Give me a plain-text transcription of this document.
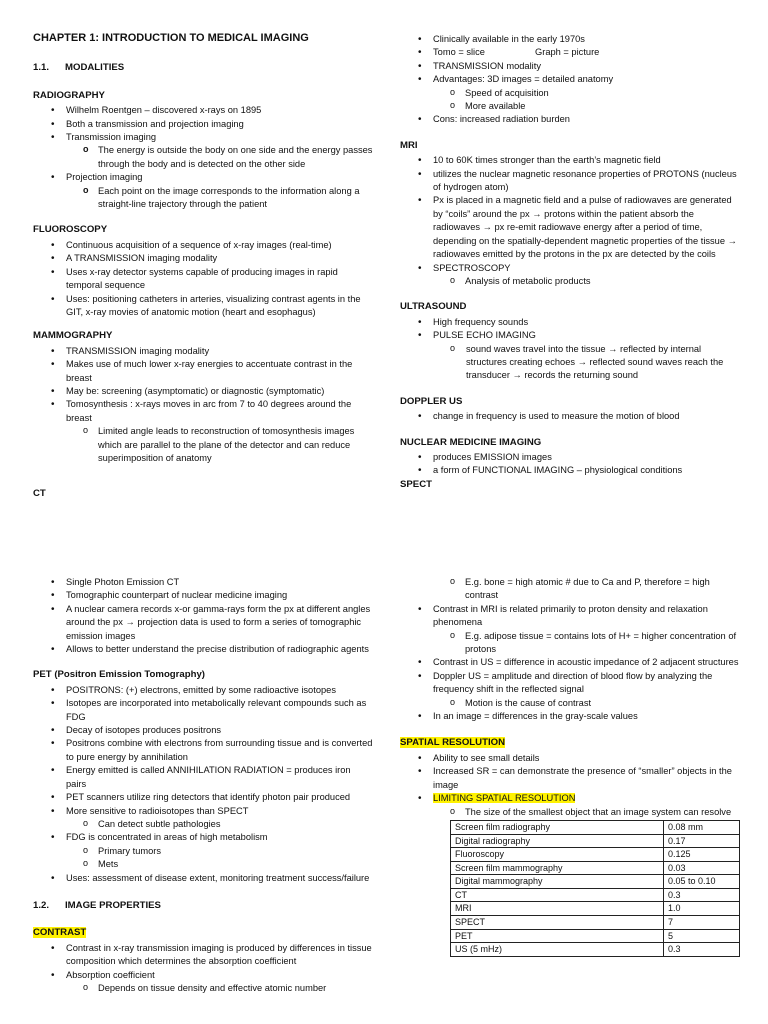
CHAPTER 1: INTRODUCTION TO MEDICAL IMAGING
1.1. MODALITIES
RADIOGRAPHY
• Wilhelm Roentgen – discovered x-rays on 1895
• Both a transmission and projection imaging
• Transmission imaging
o The energy is outside the body on one side and the energy passes through the body and is detected on the other side
• Projection imaging
o Each point on the image corresponds to the information along a straight-line trajectory through the patient
FLUOROSCOPY
• Continuous acquisition of a sequence of x-ray images (real-time)
• A TRANSMISSION imaging modality
• Uses x-ray detector systems capable of producing images in rapid temporal sequence
• Uses: positioning catheters in arteries, visualizing contrast agents in the GIT, x-ray movies of anatomic motion (heart and esophagus)
MAMMOGRAPHY
• TRANSMISSION imaging modality
• Makes use of much lower x-ray energies to accentuate contrast in the breast
• May be: screening (asymptomatic) or diagnostic (symptomatic)
• Tomosynthesis : x-rays moves in arc from 7 to 40 degrees around the breast
o Limited angle leads to reconstruction of tomosynthesis images which are parallel to the plane of the detector and can reduce superimposition of anatomy
CT
• Clinically available in the early 1970s
• Tomo = slice	Graph = picture
• TRANSMISSION modality
• Advantages: 3D images = detailed anatomy
o Speed of acquisition
o More available
• Cons: increased radiation burden
MRI
• 10 to 60K times stronger than the earth’s magnetic field
• utilizes the nuclear magnetic resonance properties of PROTONS (nucleus of hydrogen atom)
• Px is placed in a magnetic field and a pulse of radiowaves are generated by “coils” around the px → protons within the patient absorb the radiowaves → px re-emit radiowave energy after a period of time, depending on the spatially-dependent magnetic properties of the tissue → radiowaves emitted by the protons in the px are detected by the coils
• SPECTROSCOPY
o Analysis of metabolic products
ULTRASOUND
• High frequency sounds
• PULSE ECHO IMAGING
o sound waves travel into the tissue → reflected by internal structures creating echoes → reflected sound waves reach the transducer → records the returning sound
DOPPLER US
• change in frequency is used to measure the motion of blood
NUCLEAR MEDICINE IMAGING
• produces EMISSION images
• a form of FUNCTIONAL IMAGING – physiological conditions
SPECT
• Single Photon Emission CT
• Tomographic counterpart of nuclear medicine imaging
• A nuclear camera records x-or gamma-rays form the px at different angles around the px → projection data is used to form a series of tomographic emission images
• Allows to better understand the precise distribution of radiographic agents
PET (Positron Emission Tomography)
• POSITRONS: (+) electrons, emitted by some radioactive isotopes
• Isotopes are incorporated into metabolically relevant compounds such as FDG
• Decay of isotopes produces positrons
• Positrons combine with electrons from surrounding tissue and is converted to pure energy by annihilation
• Energy emitted is called ANNIHILATION RADIATION = produces iron pairs
• PET scanners utilize ring detectors that identify photon pair produced
• More sensitive to radioisotopes than SPECT
o Can detect subtle pathologies
• FDG is concentrated in areas of high metabolism
o Primary tumors
o Mets
• Uses: assessment of disease extent, monitoring treatment success/failure
1.2. IMAGE PROPERTIES
CONTRAST
• Contrast in x-ray transmission imaging is produced by differences in tissue composition which determines the absorption coefficient
• Absorption coefficient
o Depends on tissue density and effective atomic number
o E.g. bone = high atomic # due to Ca and P, therefore = high contrast
• Contrast in MRI is related primarily to proton density and relaxation phenomena
o E.g. adipose tissue = contains lots of H+ = higher concentration of protons
• Contrast in US = difference in acoustic impedance of 2 adjacent structures
• Doppler US = amplitude and direction of blood flow by analyzing the frequency shift in the reflected signal
o Motion is the cause of contrast
• In an image = differences in the gray-scale values
SPATIAL RESOLUTION
• Ability to see small details
• Increased SR = can demonstrate the presence of “smaller” objects in the image
• LIMITING SPATIAL RESOLUTION
o The size of the smallest object that an image system can resolve
Screen film radiography	0.08 mm
Digital radiography	0.17
Fluoroscopy	0.125
Screen film mammography	0.03
Digital mammography	0.05 to 0.10
CT	0.3
MRI	1.0
SPECT	7
PET	5
US (5 mHz)	0.3
